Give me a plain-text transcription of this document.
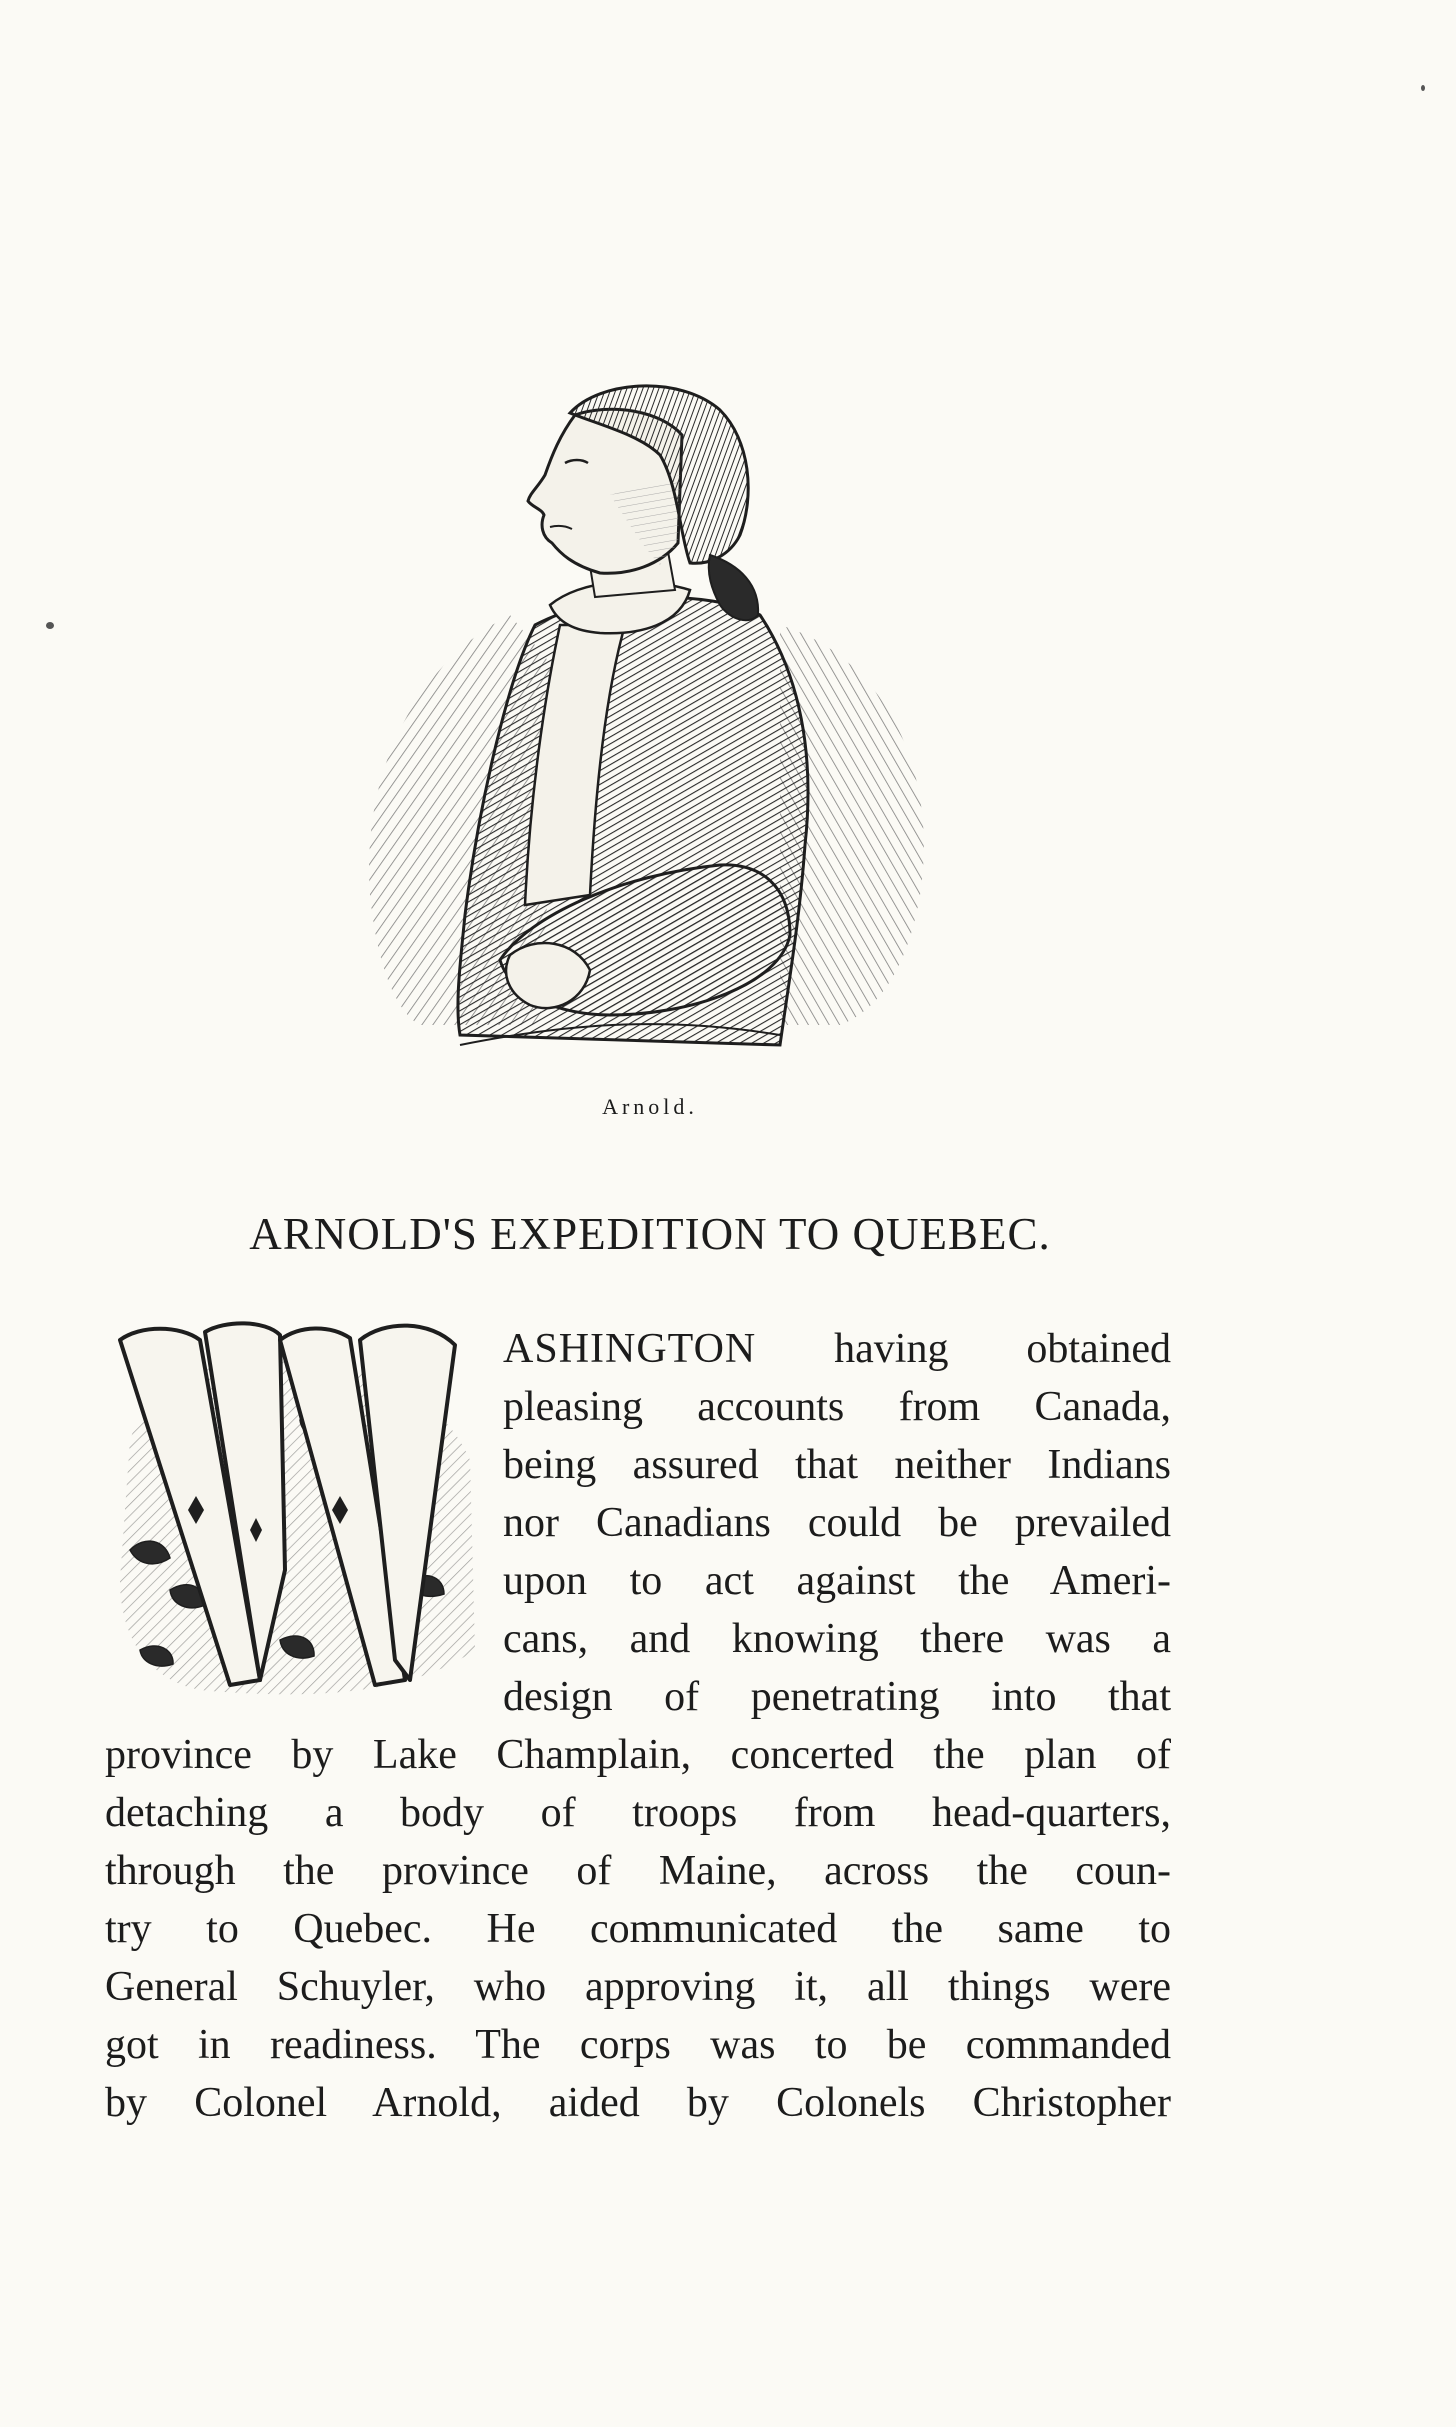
Arnold.
ARNOLD'S EXPEDITION TO QUEBEC.
ASHINGTON having obtained
pleasing accounts from Canada,
being assured that neither Indians
nor Canadians could be prevailed
upon to act against the Ameri-
cans, and knowing there was a
design of penetrating into that
province by Lake Champlain, concerted the plan of
detaching a body of troops from head-quarters,
through the province of Maine, across the coun-
try to Quebec. He communicated the same to
General Schuyler, who approving it, all things were
got in readiness. The corps was to be commanded
by Colonel Arnold, aided by Colonels Christopher
